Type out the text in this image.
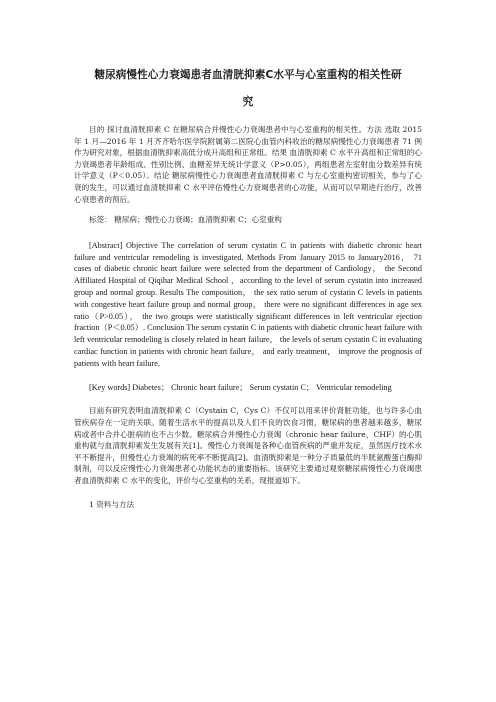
糖尿病慢性心力衰竭患者血清胱抑素C水平与心室重构的相关性研
究

目的 探讨血清胱抑素 C 在糖尿病合并慢性心力衰竭患者中与心室重构的相关性。方法 选取 2015 年 1 月—2016 年 1 月齐齐哈尔医学院附属第二医院心血管内科收治的糖尿病慢性心力衰竭患者 71 例作为研究对象，根据血清胱抑素高低分成升高组和正常组。结果 血清胱抑素 C 水平升高组和正常组的心力衰竭患者年龄组成、性别比例、血糖差异无统计学意义（P>0.05），两组患者左室射血分数差异有统计学意义（P＜0.05）。结论 糖尿病慢性心力衰竭患者血清胱抑素 C 与左心室重构密切相关，参与了心衰的发生，可以通过血清胱抑素 C 水平评估慢性心力衰竭患者的心功能，从而可以早期进行治疗，改善心衰患者的预后。

标签： 糖尿病；慢性心力衰竭；血清胱抑素 C；心室重构

[Abstract] Objective The correlation of serum cystatin C in patients with diabetic chronic heart failure and ventricular remodeling is investigated. Methods From January 2015 to January2016， 71 cases of diabetic chronic heart failure were selected from the department of Cardiology， the Second Affiliated Hospital of Qiqihar Medical School ，according to the level of serum cystatin into increased group and normal group. Results The composition， the sex ratio serum of cystatin C levels in patients with congestive heart failure group and normal group， there were no significant differences in age sex ratio（P>0.05）， the two groups were statistically significant differences in left ventricular ejection fraction（P＜0.05）. Conclusion The serum cystatin C in patients with diabetic chronic heart failure with left ventricular remodeling is closely related in heart failure， the levels of serum cystatin C in evaluating cardiac function in patients with chronic heart failure， and early treatment， improve the prognosis of patients with heart failure.

[Key words] Diabetes； Chronic heart failure； Serum cystatin C； Ventricular remodeling

目前有研究表明血清胱抑素 C（Cystain C，Cys C）不仅可以用来评价肾脏功能，也与许多心血管疾病存在一定的关联。随着生活水平的提高以及人们不良的饮食习惯，糖尿病的患者越来越多，糖尿病或者中合并心脏病的也不占少数。糖尿病合并慢性心力衰竭（chronic hear failure，CHF）的心肌重构就与血清胱抑素发生发展有关[1]。慢性心力衰竭是各种心血管疾病的严重并发症，虽然医疗技术水平不断提升，但慢性心力衰竭的病死率不断提高[2]。血清胱抑素是一种分子质量低的半胱氨酸蛋白酶抑制剂，可以反应慢性心力衰竭患者心功能状态的重要指标。该研究主要通过观察糖尿病慢性心力衰竭患者血清胱抑素 C 水平的变化，评价与心室重构的关系，现报道如下。

1 资料与方法
